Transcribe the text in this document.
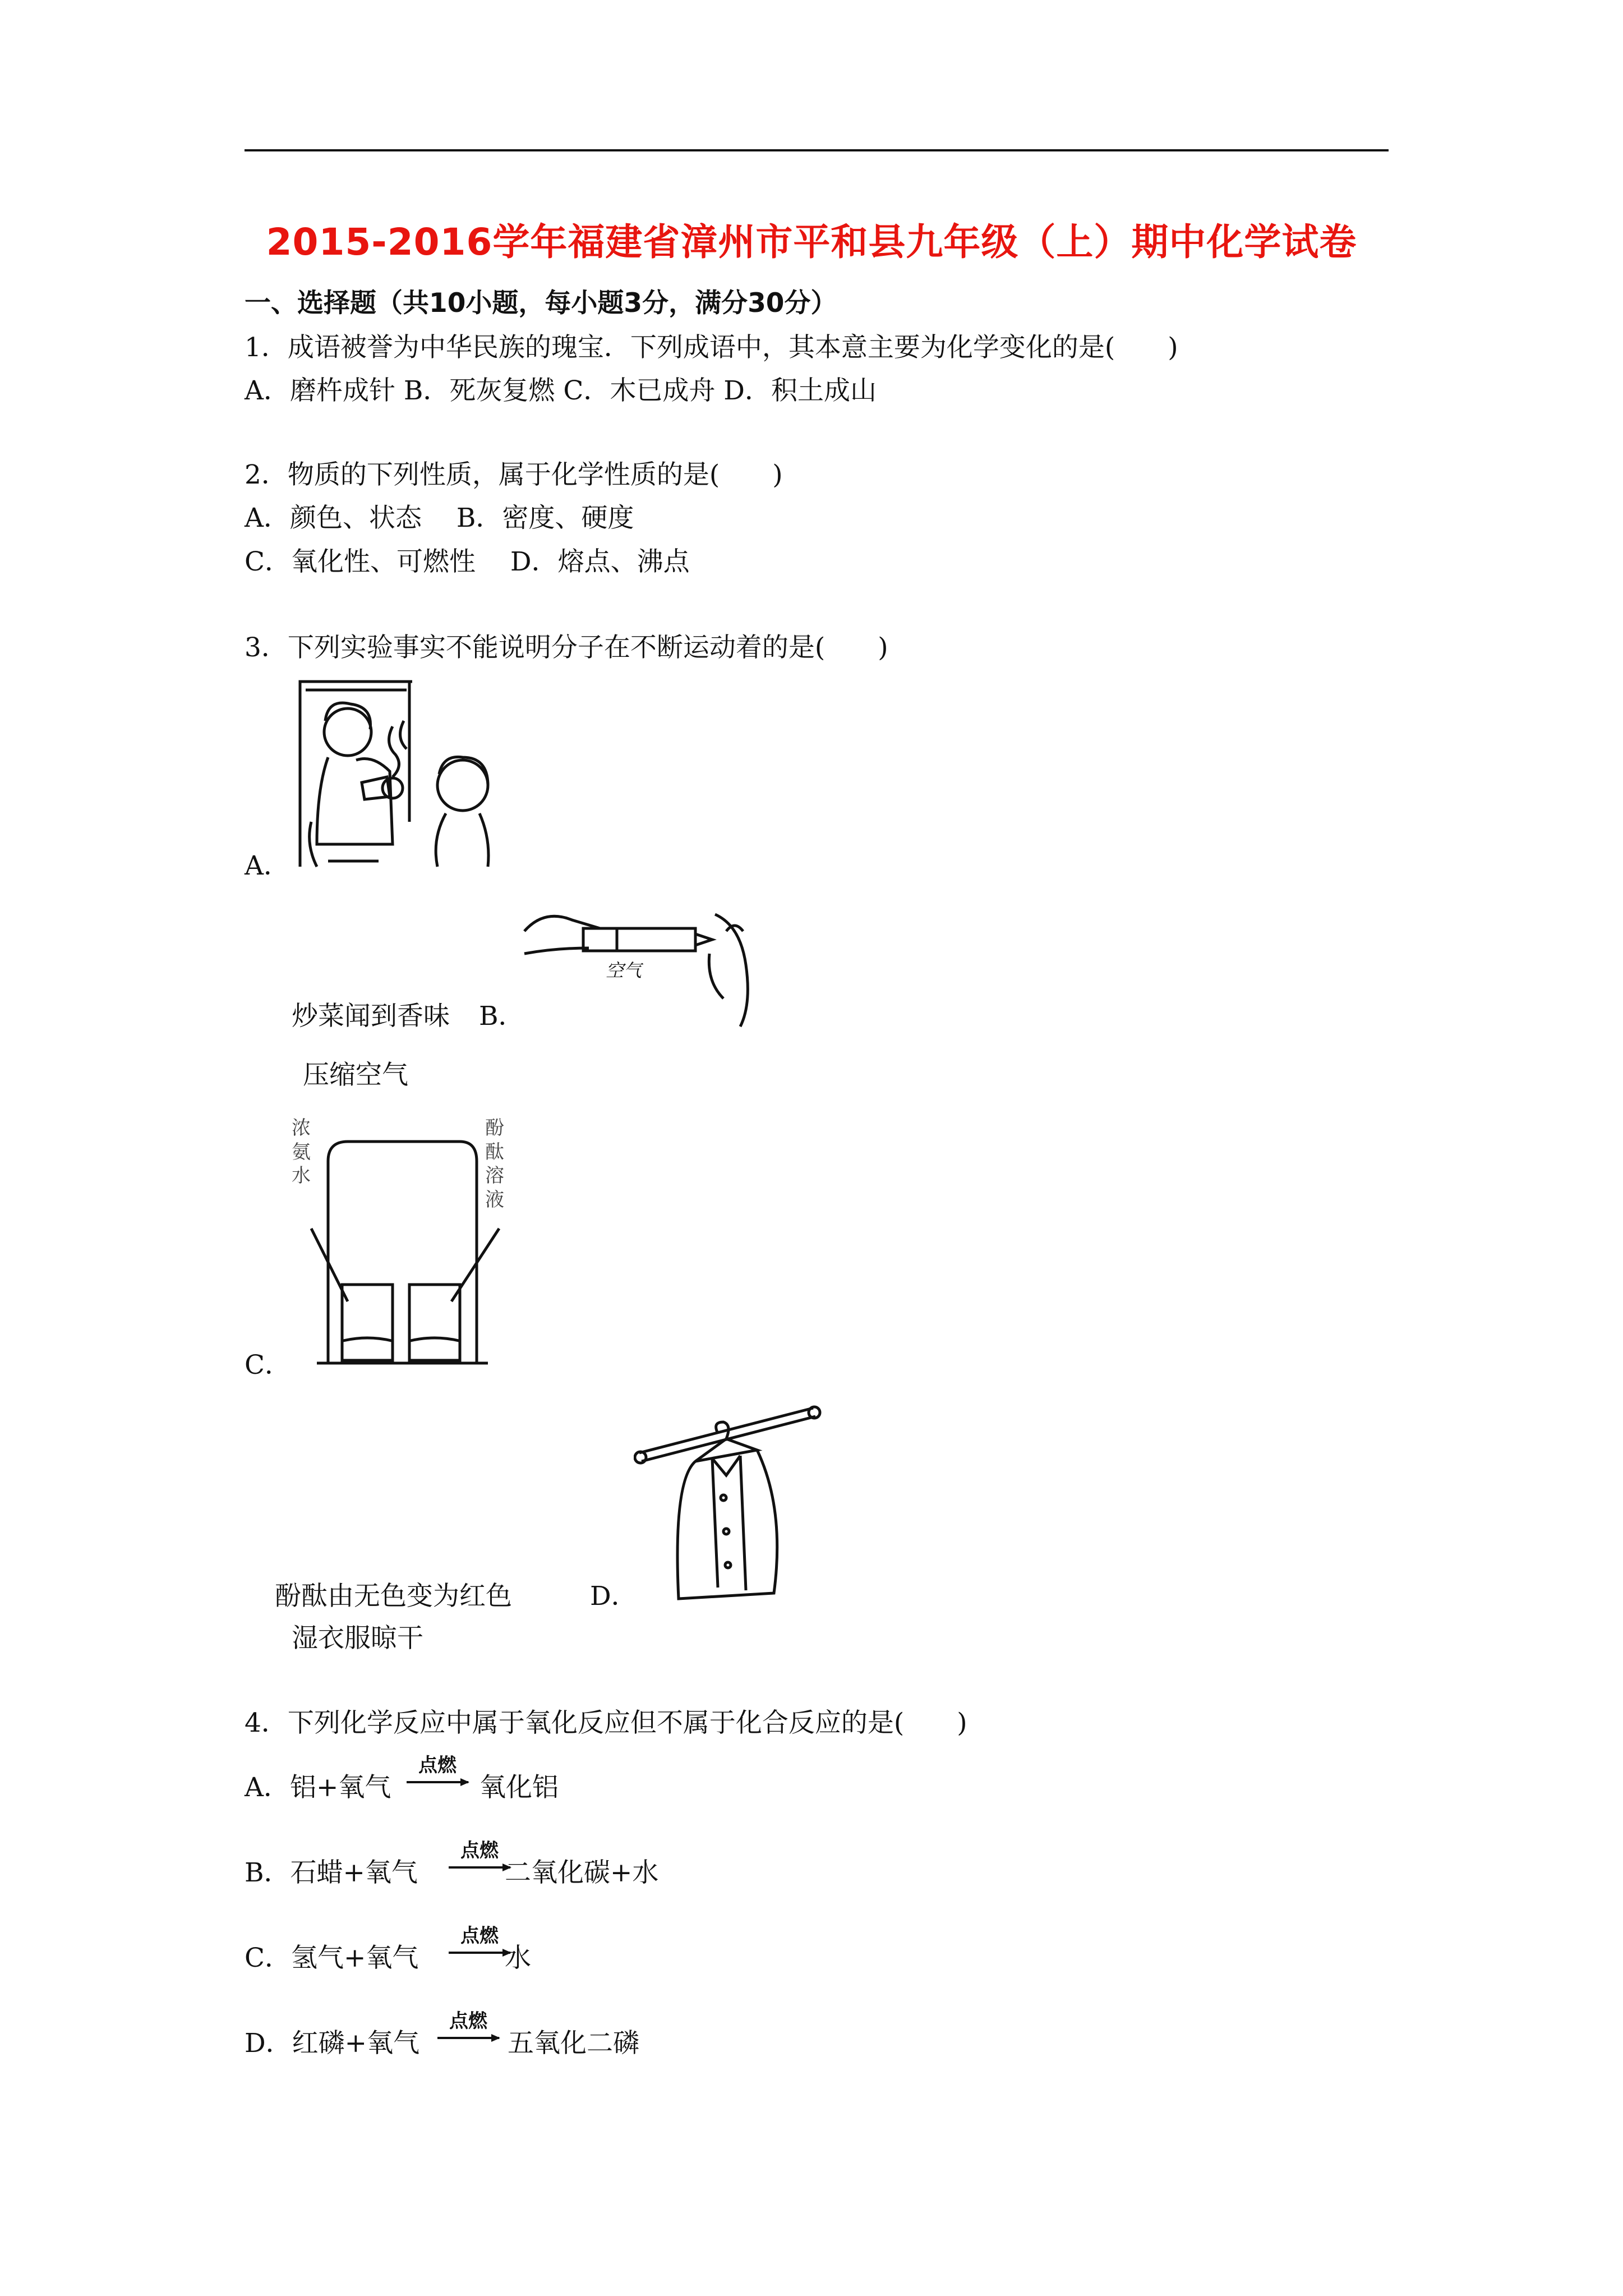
2015-2016学年福建省漳州市平和县九年级（上）期中化学试卷
一、选择题（共10小题，每小题3分，满分30分）
1．成语被誉为中华民族的瑰宝．下列成语中，其本意主要为化学变化的是(　　)
A．磨杵成针 B．死灰复燃 C．木已成舟 D．积土成山
2．物质的下列性质，属于化学性质的是(　　)
A．颜色、状态　 B．密度、硬度
C．氧化性、可燃性　 D．熔点、沸点
3．下列实验事实不能说明分子在不断运动着的是(　　)
A．
空气
炒菜闻到香味 B．
压缩空气
浓氨水
酚酞溶液
C．
酚酞由无色变为红色	D．
湿衣服晾干
4．下列化学反应中属于氧化反应但不属于化合反应的是(　　)
A．铝+氧气
点燃
氧化铝
B．石蜡+氧气
点燃
二氧化碳+水
C．氢气+氧气
点燃
水
D．红磷+氧气
点燃
五氧化二磷
